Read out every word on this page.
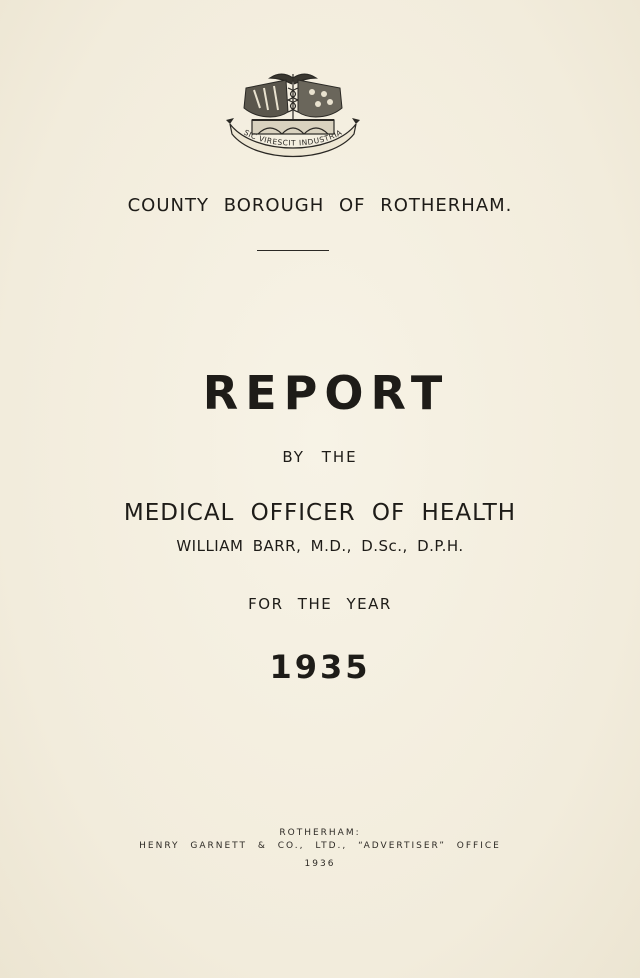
SIC VIRESCIT INDUSTRIA
COUNTY BOROUGH OF ROTHERHAM.
REPORT
BY THE
MEDICAL OFFICER OF HEALTH
WILLIAM BARR, M.D., D.Sc., D.P.H.
FOR THE YEAR
1935
ROTHERHAM:
HENRY GARNETT & CO., LTD., “ADVERTISER” OFFICE
1936
